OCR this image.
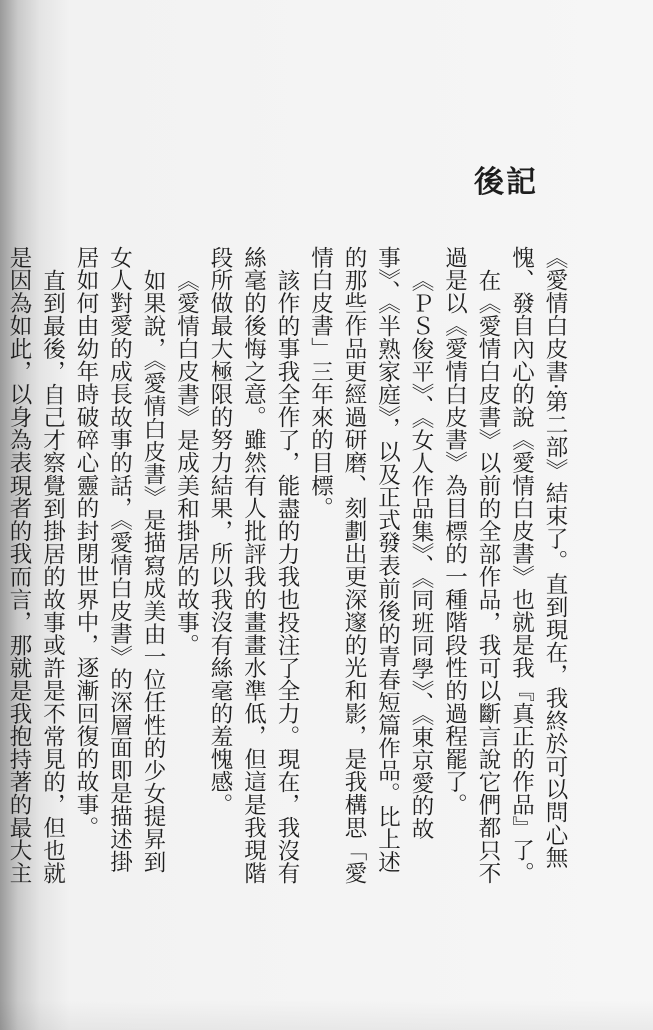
後記

《愛情白皮書‧第二部》結束了。直到現在，我終於可以問心無愧、發自內心的說《愛情白皮書》也就是我『真正的作品』了。

在《愛情白皮書》以前的全部作品，我可以斷言說它們都只不過是以《愛情白皮書》為目標的一種階段性的過程罷了。

《ＰＳ俊平》、《女人作品集》、《同班同學》、《東京愛的故事》、《半熟家庭》，以及正式發表前後的青春短篇作品。比上述的那些作品更經過研磨、刻劃出更深邃的光和影，是我構思「愛情白皮書」三年來的目標。

該作的事我全作了，能盡的力我也投注了全力。現在，我沒有絲毫的後悔之意。雖然有人批評我的畫畫水準低，但這是我現階段所做最大極限的努力結果，所以我沒有絲毫的羞愧感。

《愛情白皮書》是成美和掛居的故事。

如果說，《愛情白皮書》是描寫成美由一位任性的少女提昇到女人對愛的成長故事的話，《愛情白皮書》的深層面即是描述掛居如何由幼年時破碎心靈的封閉世界中，逐漸回復的故事。

直到最後，自己才察覺到掛居的故事或許是不常見的，但也就是因為如此，以身為表現者的我而言，那就是我抱持著的最大主
